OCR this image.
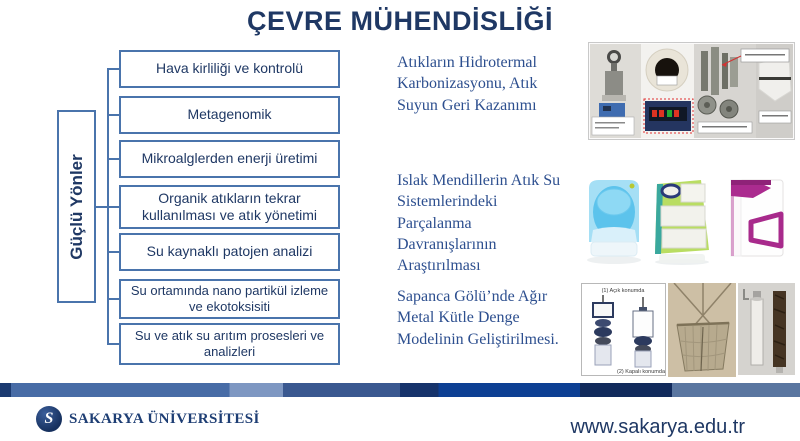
ÇEVRE MÜHENDİSLİĞİ
Güçlü Yönler
Hava kirliliği ve kontrolü
Metagenomik
Mikroalglerden enerji üretimi
Organik atıkların tekrar kullanılması ve atık yönetimi
Su kaynaklı patojen analizi
Su ortamında nano partikül izleme ve ekotoksisiti
Su ve atık su arıtım prosesleri ve analizleri
Atıkların Hidrotermal Karbonizasyonu, Atık Suyun Geri Kazanımı
Islak Mendillerin Atık Su Sistemlerindeki Parçalanma Davranışlarının Araştırılması
Sapanca Gölü’nde Ağır Metal Kütle Denge Modelinin Geliştirilmesi.
(1) Açık konumda
(2) Kapalı konumda
S	SAKARYA ÜNİVERSİTESİ	www.sakarya.edu.tr
